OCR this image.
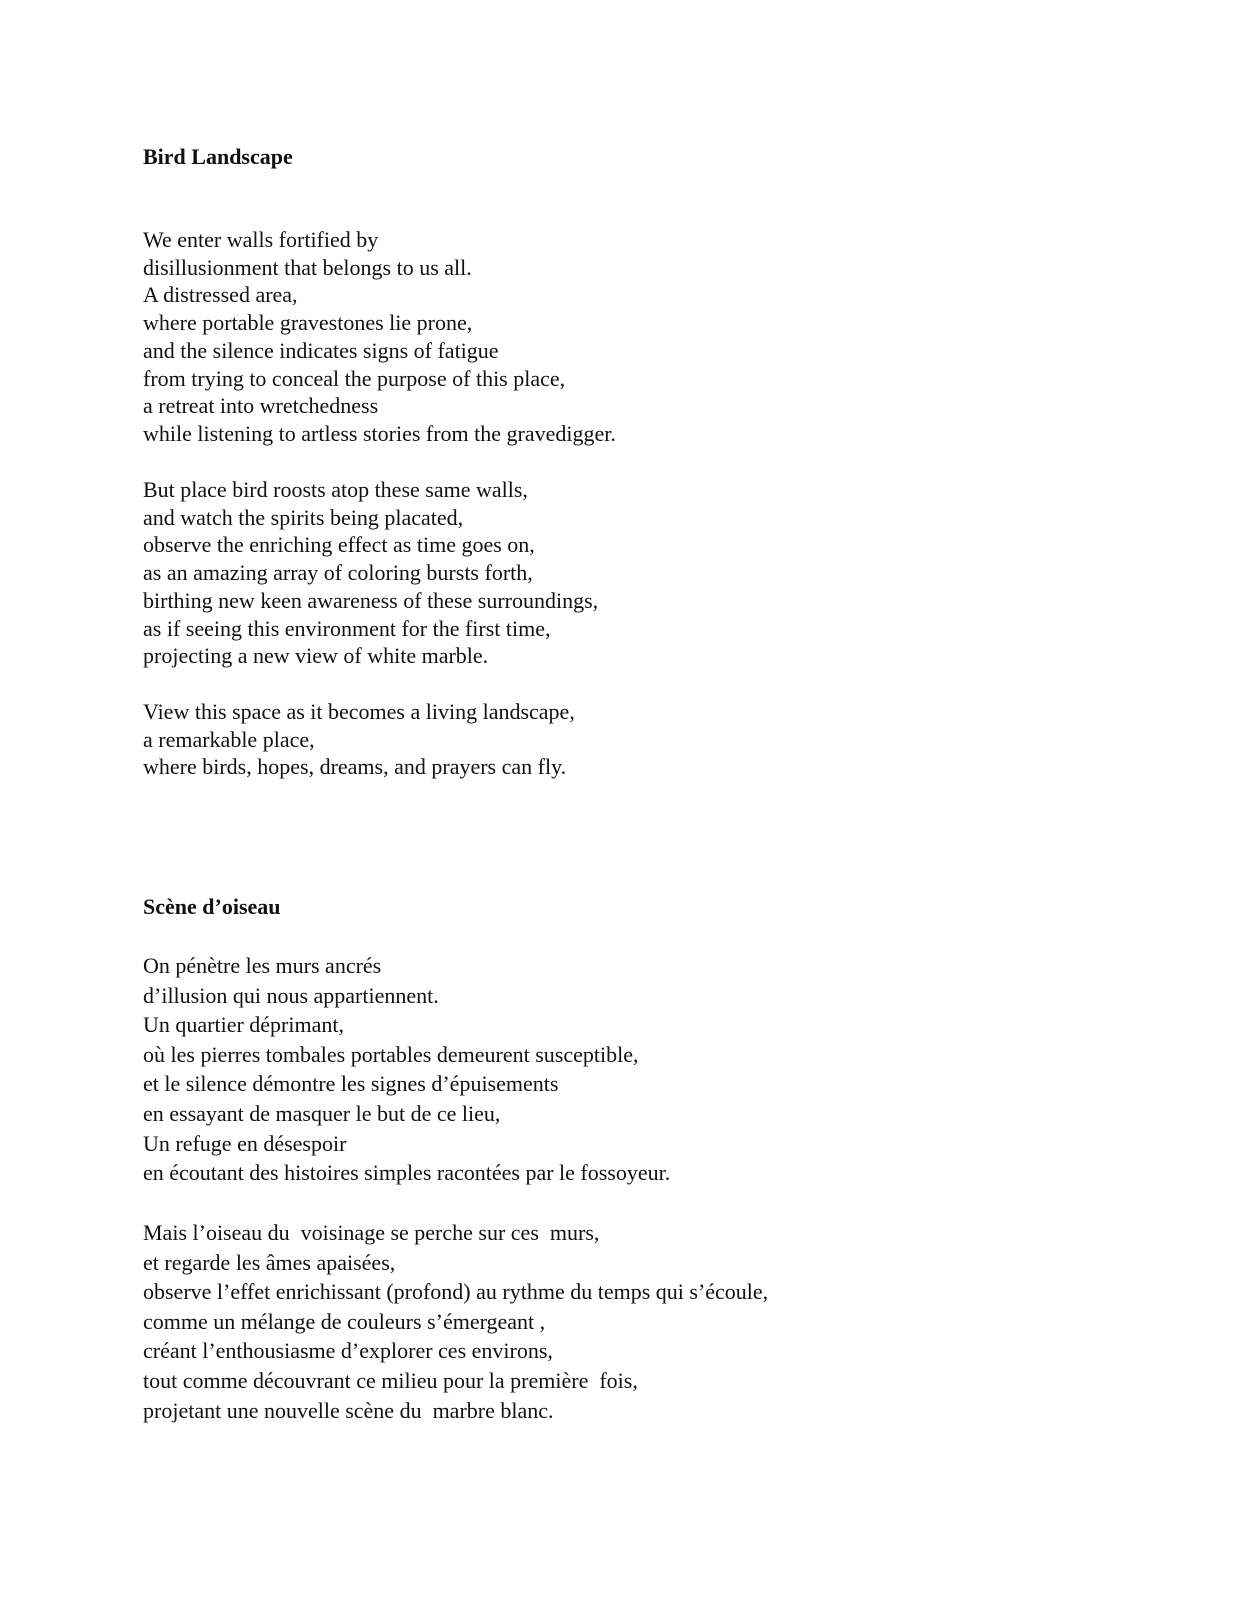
Bird Landscape
We enter walls fortified by
disillusionment that belongs to us all.
A distressed area,
where portable gravestones lie prone,
and the silence indicates signs of fatigue
from trying to conceal the purpose of this place,
a retreat into wretchedness
while listening to artless stories from the gravedigger.
But place bird roosts atop these same walls,
and watch the spirits being placated,
observe the enriching effect as time goes on,
as an amazing array of coloring bursts forth,
birthing new keen awareness of these surroundings,
as if seeing this environment for the first time,
projecting a new view of white marble.
View this space as it becomes a living landscape,
a remarkable place,
where birds, hopes, dreams, and prayers can fly.
Scène d’oiseau
On pénètre les murs ancrés
d’illusion qui nous appartiennent.
Un quartier déprimant,
où les pierres tombales portables demeurent susceptible,
et le silence démontre les signes d’épuisements
en essayant de masquer le but de ce lieu,
Un refuge en désespoir
en écoutant des histoires simples racontées par le fossoyeur.
Mais l’oiseau du  voisinage se perche sur ces  murs,
et regarde les âmes apaisées,
observe l’effet enrichissant (profond) au rythme du temps qui s’écoule,
comme un mélange de couleurs s’émergeant ,
créant l’enthousiasme d’explorer ces environs,
tout comme découvrant ce milieu pour la première  fois,
projetant une nouvelle scène du  marbre blanc.
